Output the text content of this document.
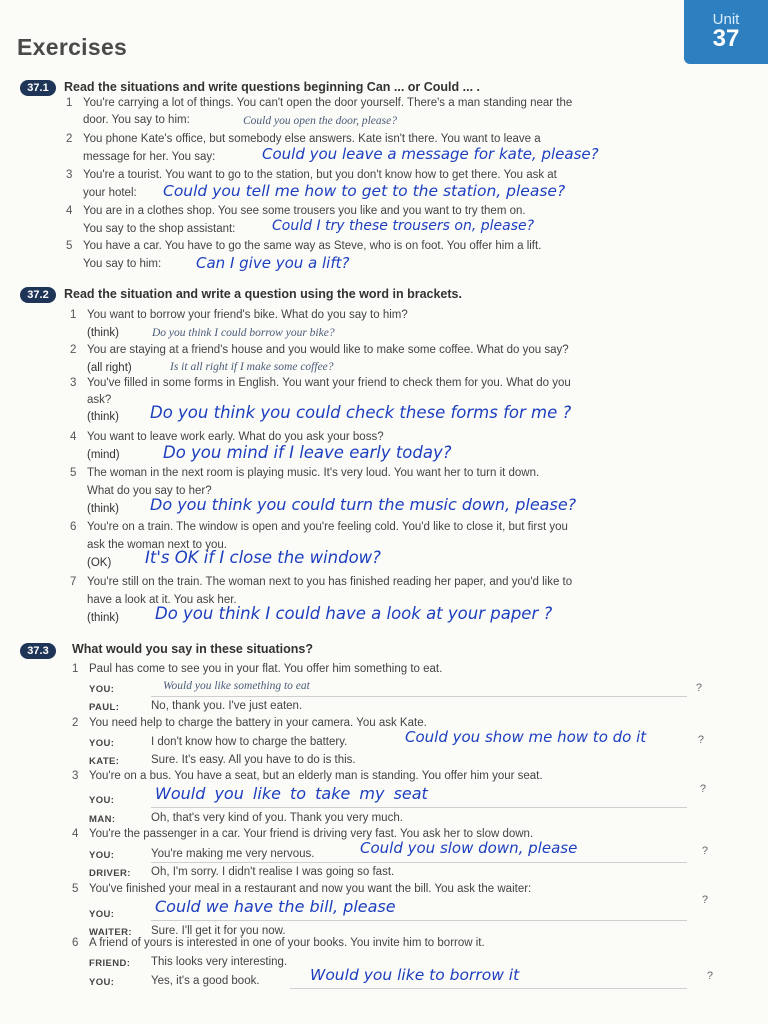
Exercises
Unit
37
37.1	Read the situations and write questions beginning Can ... or Could ... .
1 You're carrying a lot of things. You can't open the door yourself. There's a man standing near the
door. You say to him:	Could you open the door, please?
2 You phone Kate's office, but somebody else answers. Kate isn't there. You want to leave a
message for her. You say:	Could you leave a message for kate, please?
3 You're a tourist. You want to go to the station, but you don't know how to get there. You ask at
your hotel: Could you tell me how to get to the station, please?
4 You are in a clothes shop. You see some trousers you like and you want to try them on.
You say to the shop assistant:	Could I try these trousers on, please?
5 You have a car. You have to go the same way as Steve, who is on foot. You offer him a lift.
You say to him: Can I give you a lift?
37.2	Read the situation and write a question using the word in brackets.
1 You want to borrow your friend's bike. What do you say to him?
(think)	Do you think I could borrow your bike?
2 You are staying at a friend's house and you would like to make some coffee. What do you say?
(all right)	Is it all right if I make some coffee?
3 You've filled in some forms in English. You want your friend to check them for you. What do you
ask?
(think) Do you think you could check these forms for me ?
4 You want to leave work early. What do you ask your boss?
(mind)	Do you mind if I leave early today?
5 The woman in the next room is playing music. It's very loud. You want her to turn it down.
What do you say to her?
(think) Do you think you could turn the music down, please?
6 You're on a train. The window is open and you're feeling cold. You'd like to close it, but first you
ask the woman next to you.
(OK) It's OK if I close the window?
7 You're still on the train. The woman next to you has finished reading her paper, and you'd like to
have a look at it. You ask her.
(think) Do you think I could have a look at your paper ?
37.3	What would you say in these situations?
1 Paul has come to see you in your flat. You offer him something to eat.
YOU:	Would you like something to eat	?
PAUL:	No, thank you. I've just eaten.
2 You need help to charge the battery in your camera. You ask Kate.
YOU:	I don't know how to charge the battery.	Could you show me how to do it	?
KATE:	Sure. It's easy. All you have to do is this.
3 You're on a bus. You have a seat, but an elderly man is standing. You offer him your seat.
YOU:	Would you like to take my seat	?
MAN:	Oh, that's very kind of you. Thank you very much.
4 You're the passenger in a car. Your friend is driving very fast. You ask her to slow down.
YOU:	You're making me very nervous.	Could you slow down, please	?
DRIVER: Oh, I'm sorry. I didn't realise I was going so fast.
5 You've finished your meal in a restaurant and now you want the bill. You ask the waiter:
YOU:	Could we have the bill, please	?
WAITER: Sure. I'll get it for you now.
6 A friend of yours is interested in one of your books. You invite him to borrow it.
FRIEND: This looks very interesting.
YOU:	Yes, it's a good book.	Would you like to borrow it	?
